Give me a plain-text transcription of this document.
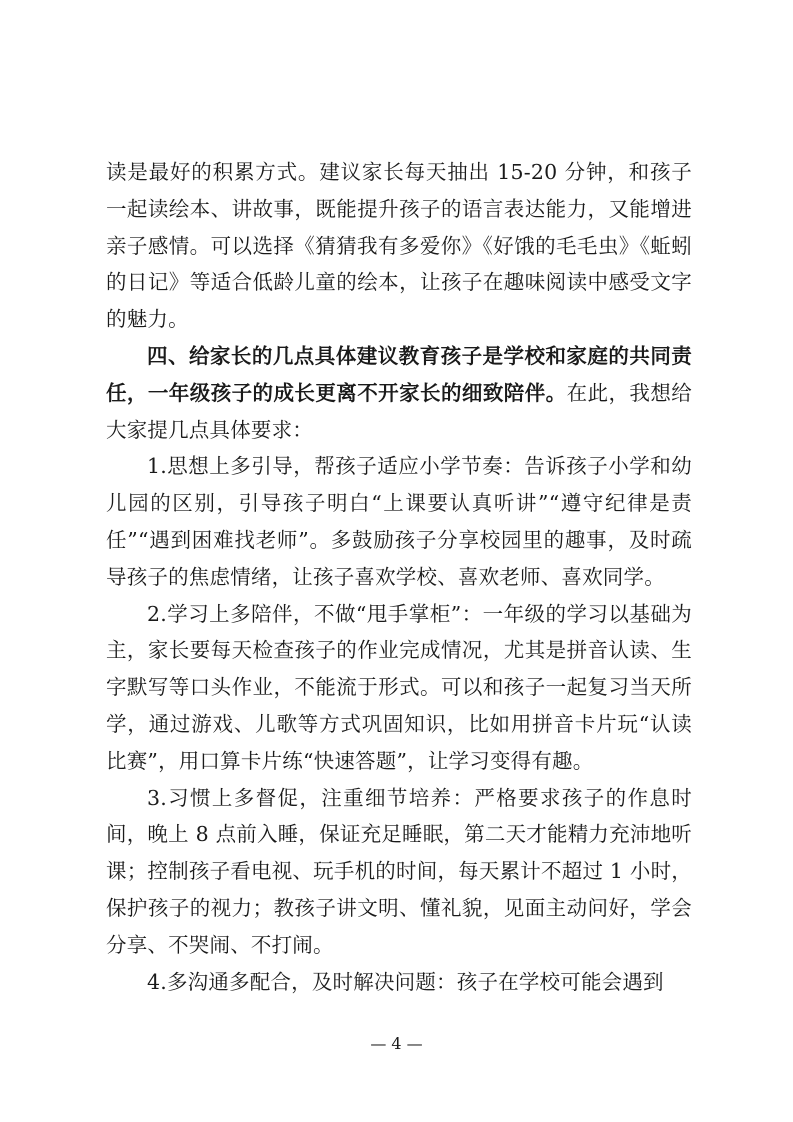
读是最好的积累方式。建议家长每天抽出 15-20 分钟，和孩子一起读绘本、讲故事，既能提升孩子的语言表达能力，又能增进亲子感情。可以选择《猜猜我有多爱你》《好饿的毛毛虫》《蚯蚓的日记》等适合低龄儿童的绘本，让孩子在趣味阅读中感受文字的魅力。

四、给家长的几点具体建议教育孩子是学校和家庭的共同责任，一年级孩子的成长更离不开家长的细致陪伴。在此，我想给大家提几点具体要求：

1.思想上多引导，帮孩子适应小学节奏：告诉孩子小学和幼儿园的区别，引导孩子明白“上课要认真听讲”“遵守纪律是责任”“遇到困难找老师”。多鼓励孩子分享校园里的趣事，及时疏导孩子的焦虑情绪，让孩子喜欢学校、喜欢老师、喜欢同学。

2.学习上多陪伴，不做“甩手掌柜”：一年级的学习以基础为主，家长要每天检查孩子的作业完成情况，尤其是拼音认读、生字默写等口头作业，不能流于形式。可以和孩子一起复习当天所学，通过游戏、儿歌等方式巩固知识，比如用拼音卡片玩“认读比赛”，用口算卡片练“快速答题”，让学习变得有趣。

3.习惯上多督促，注重细节培养：严格要求孩子的作息时间，晚上 8 点前入睡，保证充足睡眠，第二天才能精力充沛地听课；控制孩子看电视、玩手机的时间，每天累计不超过 1 小时，保护孩子的视力；教孩子讲文明、懂礼貌，见面主动问好，学会分享、不哭闹、不打闹。

4.多沟通多配合，及时解决问题：孩子在学校可能会遇到

— 4 —
